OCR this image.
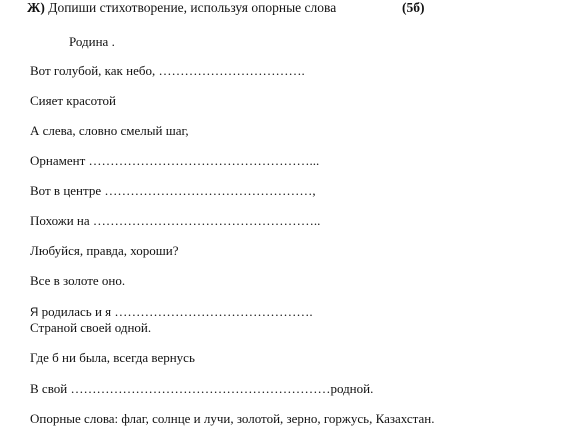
Ж) Допиши стихотворение, используя опорные слова	(5б)
Родина .
Вот голубой, как небо, …………………………….
Сияет красотой
А слева, словно смелый шаг,
Орнамент ……………………………………………...
Вот в центре …………………………………………,
Похожи на ……………………………………………..
Любуйся, правда, хороши?
Все в золоте оно.
Я родилась и я ……………………………………….
Страной своей одной.
Где б ни была, всегда вернусь
В свой ……………………………………………………родной.
Опорные слова: флаг, солнце и лучи, золотой, зерно, горжусь, Казахстан.
